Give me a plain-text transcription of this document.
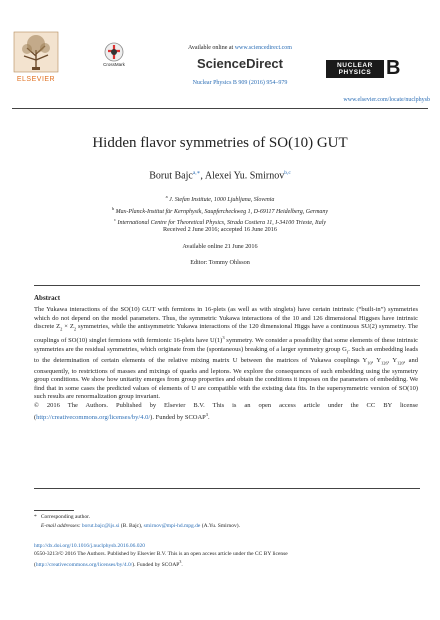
ELSEVIER
CrossMark
Available online at www.sciencedirect.com
ScienceDirect
Nuclear Physics B 909 (2016) 954–979
NUCLEAR
PHYSICS B
www.elsevier.com/locate/nuclphysb
Hidden flavor symmetries of SO(10) GUT
Borut Bajc$^{a,∗}$, Alexei Yu. Smirnov$^{b,c}$
$^a$ J. Stefan Institute, 1000 Ljubljana, Slovenia
$^b$ Max-Planck-Institut für Kernphysik, Saupfercheckweg 1, D-69117 Heidelberg, Germany
$^c$ International Centre for Theoretical Physics, Strada Costiera 11, I-34100 Trieste, Italy
Received 2 June 2016; accepted 16 June 2016
Available online 21 June 2016
Editor: Tommy Ohlsson
Abstract
The Yukawa interactions of the SO(10) GUT with fermions in 16-plets (as well as with singlets) have certain intrinsic (“built-in”) symmetries which do not depend on the model parameters. Thus, the symmetric Yukawa interactions of the 10 and 126 dimensional Higgses have intrinsic discrete $Z_2 \times Z_2$ symmetries, while the antisymmetric Yukawa interactions of the 120 dimensional Higgs have a continuous SU(2) symmetry. The couplings of SO(10) singlet fermions with fermionic 16-plets have $U(1)^3$ symmetry. We consider a possibility that some elements of these intrinsic symmetries are the residual symmetries, which originate from the (spontaneous) breaking of a larger symmetry group $G_f$. Such an embedding leads to the determination of certain elements of the relative mixing matrix U between the matrices of Yukawa couplings $Y_{10}$, $Y_{126}$, $Y_{120}$, and consequently, to restrictions of masses and mixings of quarks and leptons. We explore the consequences of such embedding using the symmetry group conditions. We show how unitarity emerges from group properties and obtain the conditions it imposes on the parameters of embedding. We find that in some cases the predicted values of elements of U are compatible with the existing data fits. In the supersymmetric version of SO(10) such results are renormalization group invariant.
© 2016 The Authors. Published by Elsevier B.V. This is an open access article under the CC BY license (http://creativecommons.org/licenses/by/4.0/). Funded by SCOAP$^3$.
* Corresponding author.
E-mail addresses: borut.bajc@ijs.si (B. Bajc), smirnov@mpi-hd.mpg.de (A.Yu. Smirnov).
http://dx.doi.org/10.1016/j.nuclphysb.2016.06.020
0550-3213/© 2016 The Authors. Published by Elsevier B.V. This is an open access article under the CC BY license
(http://creativecommons.org/licenses/by/4.0/). Funded by SCOAP$^3$.
